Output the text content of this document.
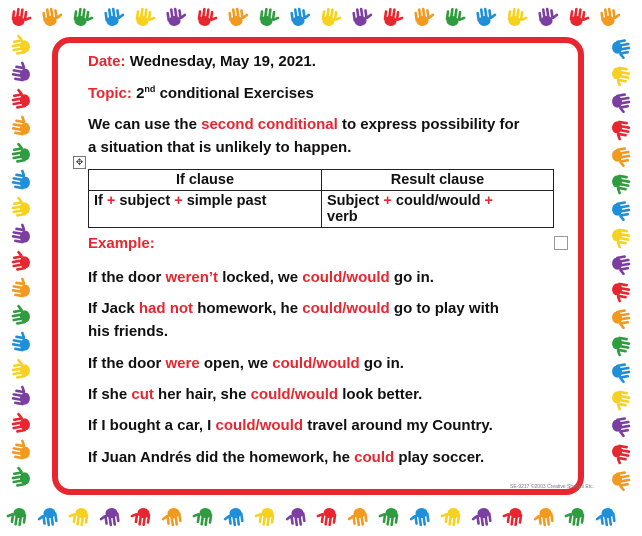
✥
Date: Wednesday, May 19, 2021.
Topic: 2nd conditional Exercises
We can use the second conditional to express possibility for
a situation that is unlikely to happen.
If clause	Result clause
If + subject + simple past	Subject + could/would +
verb
Example:
If the door weren’t locked, we could/would go in.
If Jack had not homework, he could/would go to play with
his friends.
If the door were open, we could/would go in.
If she cut her hair, she could/would look better.
If I bought a car, I could/would travel around my Country.
If Juan Andrés did the homework, he could play soccer.
SE-9217 ©2003 Creative Shapes Etc.
